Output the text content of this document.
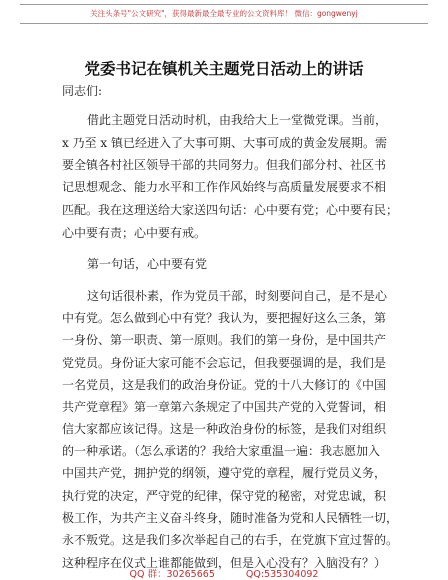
关注头条号"公文研究"，获得最新最全最专业的公文资料库！ 微信：gongwenyj
党委书记在镇机关主题党日活动上的讲话
同志们:
借此主题党日活动时机，由我给大上一堂微党课。当前，
x 乃至 x 镇已经进入了大事可期、大事可成的黄金发展期。需
要全镇各村社区领导干部的共同努力。但我们部分村、社区书
记思想观念、能力水平和工作作风始终与高质量发展要求不相
匹配。我在这理送给大家送四句话：心中要有党；心中要有民；
心中要有责；心中要有戒。
第一句话，心中要有党
这句话很朴素，作为党员干部，时刻要问自己，是不是心
中有党。怎么做到心中有党？我认为，要把握好这么三条，第
一身份、第一职责、第一原则。我们的第一身份，是中国共产
党党员。身份证大家可能不会忘记，但我要强调的是，我们是
一名党员，这是我们的政治身份证。党的十八大修订的《中国
共产党章程》第一章第六条规定了中国共产党的入党誓词，相
信大家都应该记得。这是一种政治身份的标签，是我们对组织
的一种承诺。（怎么承诺的？我给大家重温一遍：我志愿加入
中国共产党，拥护党的纲领，遵守党的章程，履行党员义务，
执行党的决定，严守党的纪律，保守党的秘密，对党忠诚，积
极工作，为共产主义奋斗终身，随时准备为党和人民牺牲一切，
永不叛党。这是我们多次举起自己的右手，在党旗下宣过誓的。
这种程序在仪式上谁都能做到，但是入心没有？入脑没有？）
QQ 群：30265665	QQ:535304092
